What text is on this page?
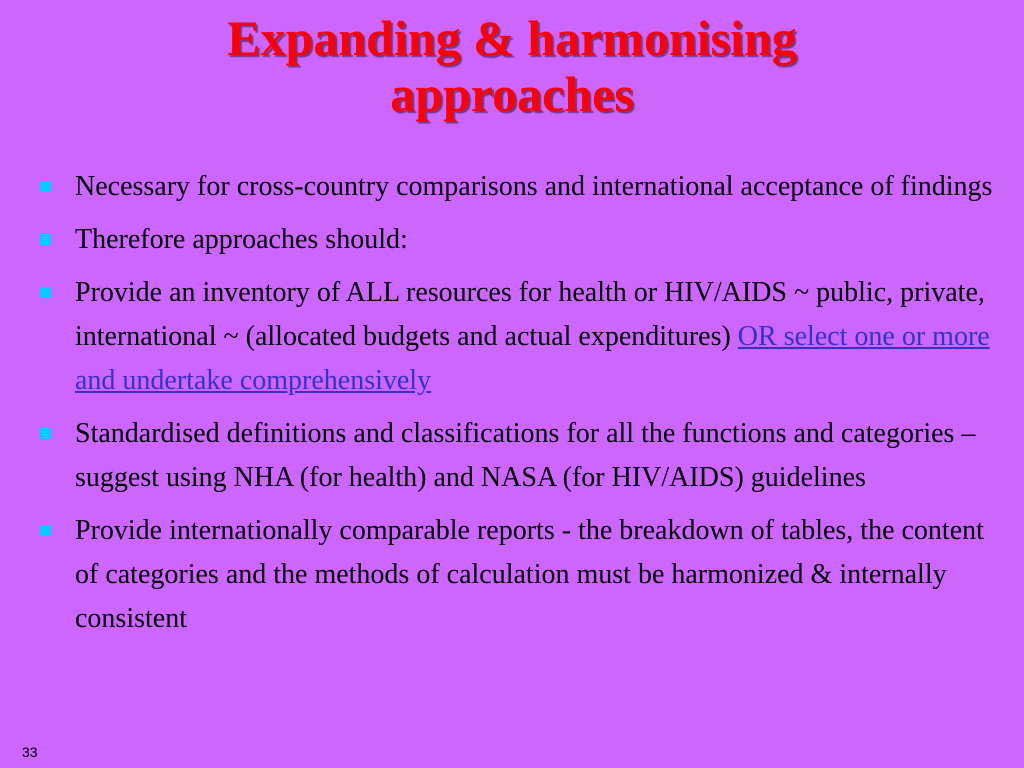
Expanding & harmonising
approaches
Necessary for cross-country comparisons and international acceptance of findings
Therefore approaches should:
Provide an inventory of ALL resources for health or HIV/AIDS ~ public, private, international ~ (allocated budgets and actual expenditures) OR select one or more and undertake comprehensively
Standardised definitions and classifications for all the functions and categories – suggest using NHA (for health) and NASA (for HIV/AIDS) guidelines
Provide internationally comparable reports - the breakdown of tables, the content of categories and the methods of calculation must be harmonized & internally consistent
33
